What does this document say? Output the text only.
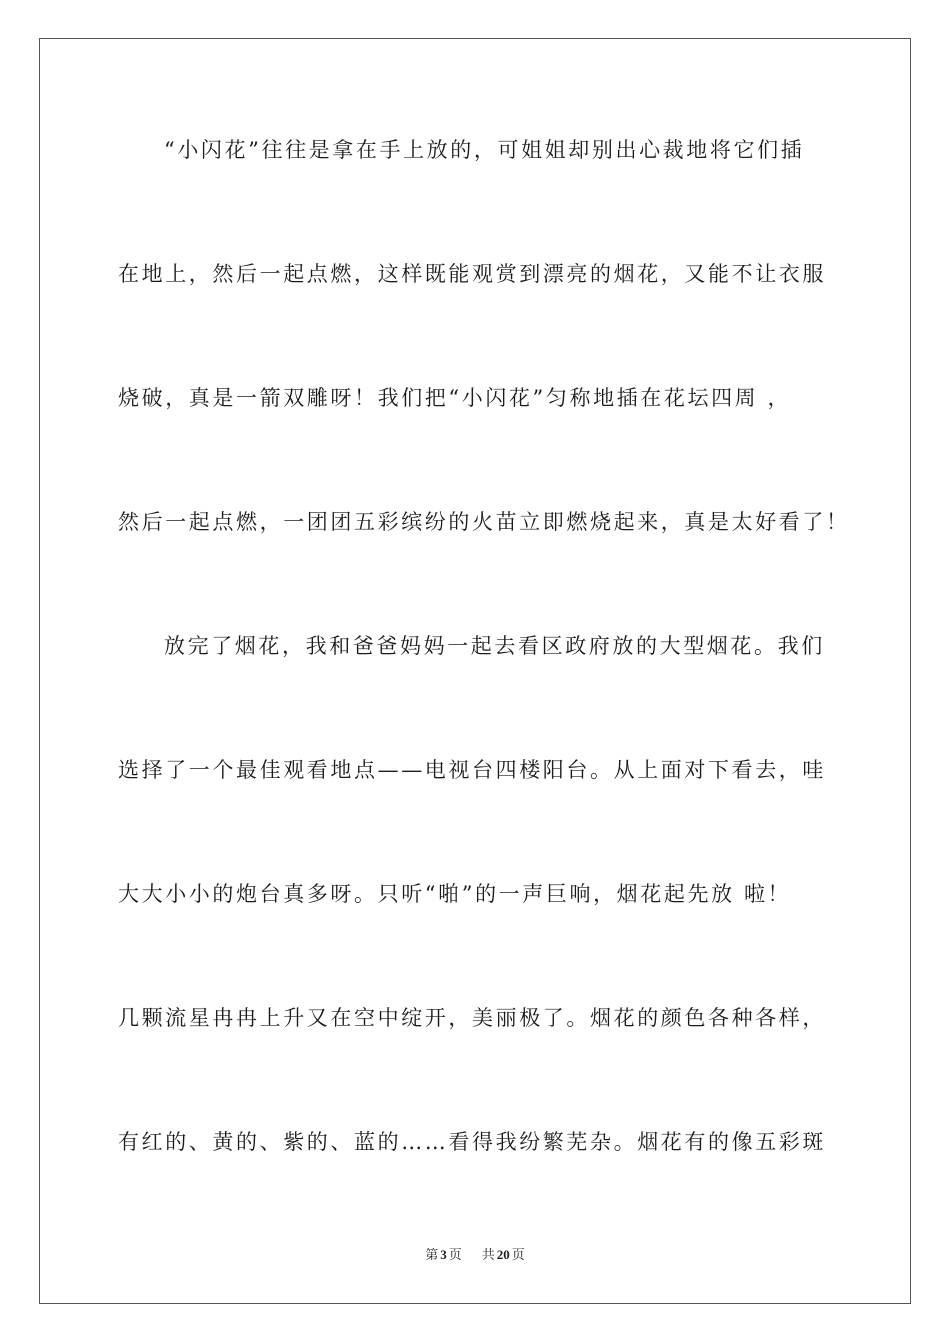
“小闪花”往往是拿在手上放的，可姐姐却别出心裁地将它们插
在地上，然后一起点燃，这样既能观赏到漂亮的烟花，又能不让衣服
烧破，真是一箭双雕呀！我们把“小闪花”匀称地插在花坛四周 ，
然后一起点燃，一团团五彩缤纷的火苗立即燃烧起来，真是太好看了！
放完了烟花，我和爸爸妈妈一起去看区政府放的大型烟花。我们
选择了一个最佳观看地点——电视台四楼阳台。从上面对下看去，哇
大大小小的炮台真多呀。只听“啪”的一声巨响，烟花起先放 啦！
几颗流星冉冉上升又在空中绽开，美丽极了。烟花的颜色各种各样，
有红的、黄的、紫的、蓝的……看得我纷繁芜杂。烟花有的像五彩斑
第 3 页 共 20 页
